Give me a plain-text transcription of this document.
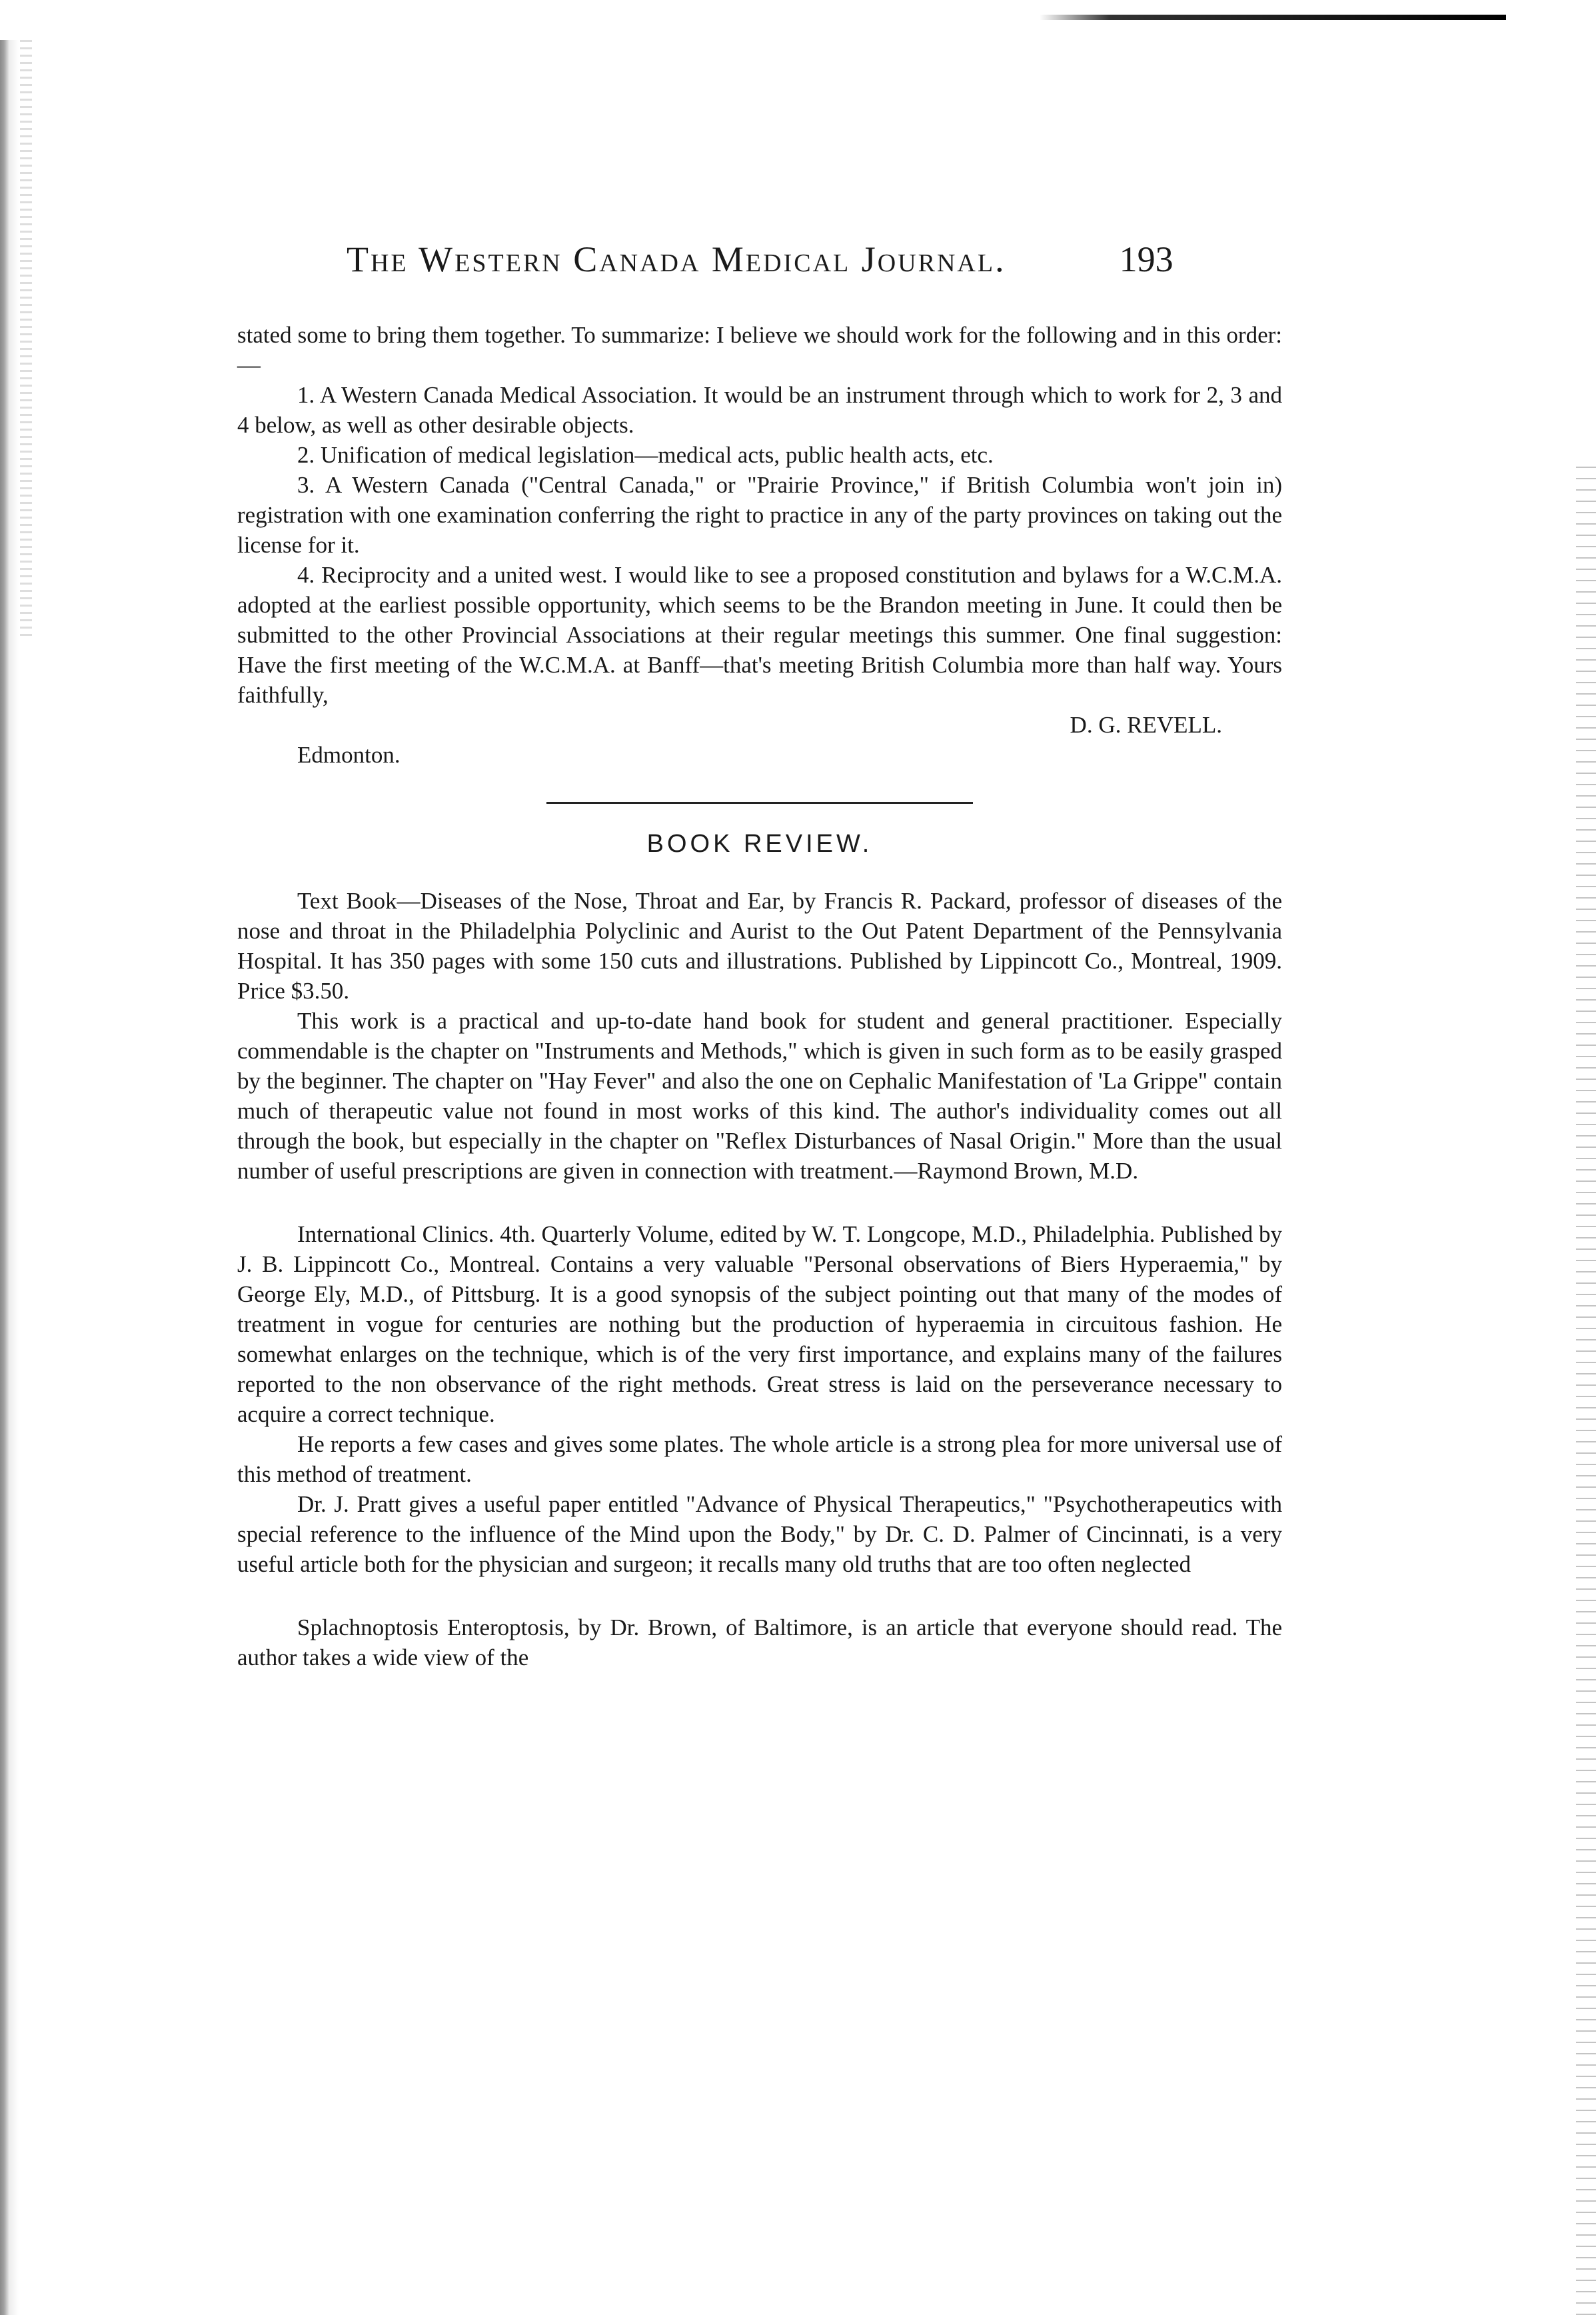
The Western Canada Medical Journal.	193

stated some to bring them together. To summarize: I believe we should work for the following and in this order:—

1. A Western Canada Medical Association. It would be an instrument through which to work for 2, 3 and 4 below, as well as other desirable objects.

2. Unification of medical legislation—medical acts, public health acts, etc.

3. A Western Canada ("Central Canada," or "Prairie Province," if British Columbia won't join in) registration with one examination conferring the right to practice in any of the party provinces on taking out the license for it.

4. Reciprocity and a united west. I would like to see a proposed constitution and bylaws for a W.C.M.A. adopted at the earliest possible opportunity, which seems to be the Brandon meeting in June. It could then be submitted to the other Provincial Associations at their regular meetings this summer. One final suggestion: Have the first meeting of the W.C.M.A. at Banff—that's meeting British Columbia more than half way. Yours faithfully,

D. G. REVELL.

Edmonton.

BOOK REVIEW.

Text Book—Diseases of the Nose, Throat and Ear, by Francis R. Packard, professor of diseases of the nose and throat in the Philadelphia Polyclinic and Aurist to the Out Patent Department of the Pennsylvania Hospital. It has 350 pages with some 150 cuts and illustrations. Published by Lippincott Co., Montreal, 1909. Price $3.50.

This work is a practical and up-to-date hand book for student and general practitioner. Especially commendable is the chapter on "Instruments and Methods," which is given in such form as to be easily grasped by the beginner. The chapter on "Hay Fever" and also the one on Cephalic Manifestation of 'La Grippe" contain much of therapeutic value not found in most works of this kind. The author's individuality comes out all through the book, but especially in the chapter on "Reflex Disturbances of Nasal Origin." More than the usual number of useful prescriptions are given in connection with treatment.—Raymond Brown, M.D.

International Clinics. 4th. Quarterly Volume, edited by W. T. Longcope, M.D., Philadelphia. Published by J. B. Lippincott Co., Montreal. Contains a very valuable "Personal observations of Biers Hyperaemia," by George Ely, M.D., of Pittsburg. It is a good synopsis of the subject pointing out that many of the modes of treatment in vogue for centuries are nothing but the production of hyperaemia in circuitous fashion. He somewhat enlarges on the technique, which is of the very first importance, and explains many of the failures reported to the non observance of the right methods. Great stress is laid on the perseverance necessary to acquire a correct technique.

He reports a few cases and gives some plates. The whole article is a strong plea for more universal use of this method of treatment.

Dr. J. Pratt gives a useful paper entitled "Advance of Physical Therapeutics," "Psychotherapeutics with special reference to the influence of the Mind upon the Body," by Dr. C. D. Palmer of Cincinnati, is a very useful article both for the physician and surgeon; it recalls many old truths that are too often neglected

Splachnoptosis Enteroptosis, by Dr. Brown, of Baltimore, is an article that everyone should read. The author takes a wide view of the
